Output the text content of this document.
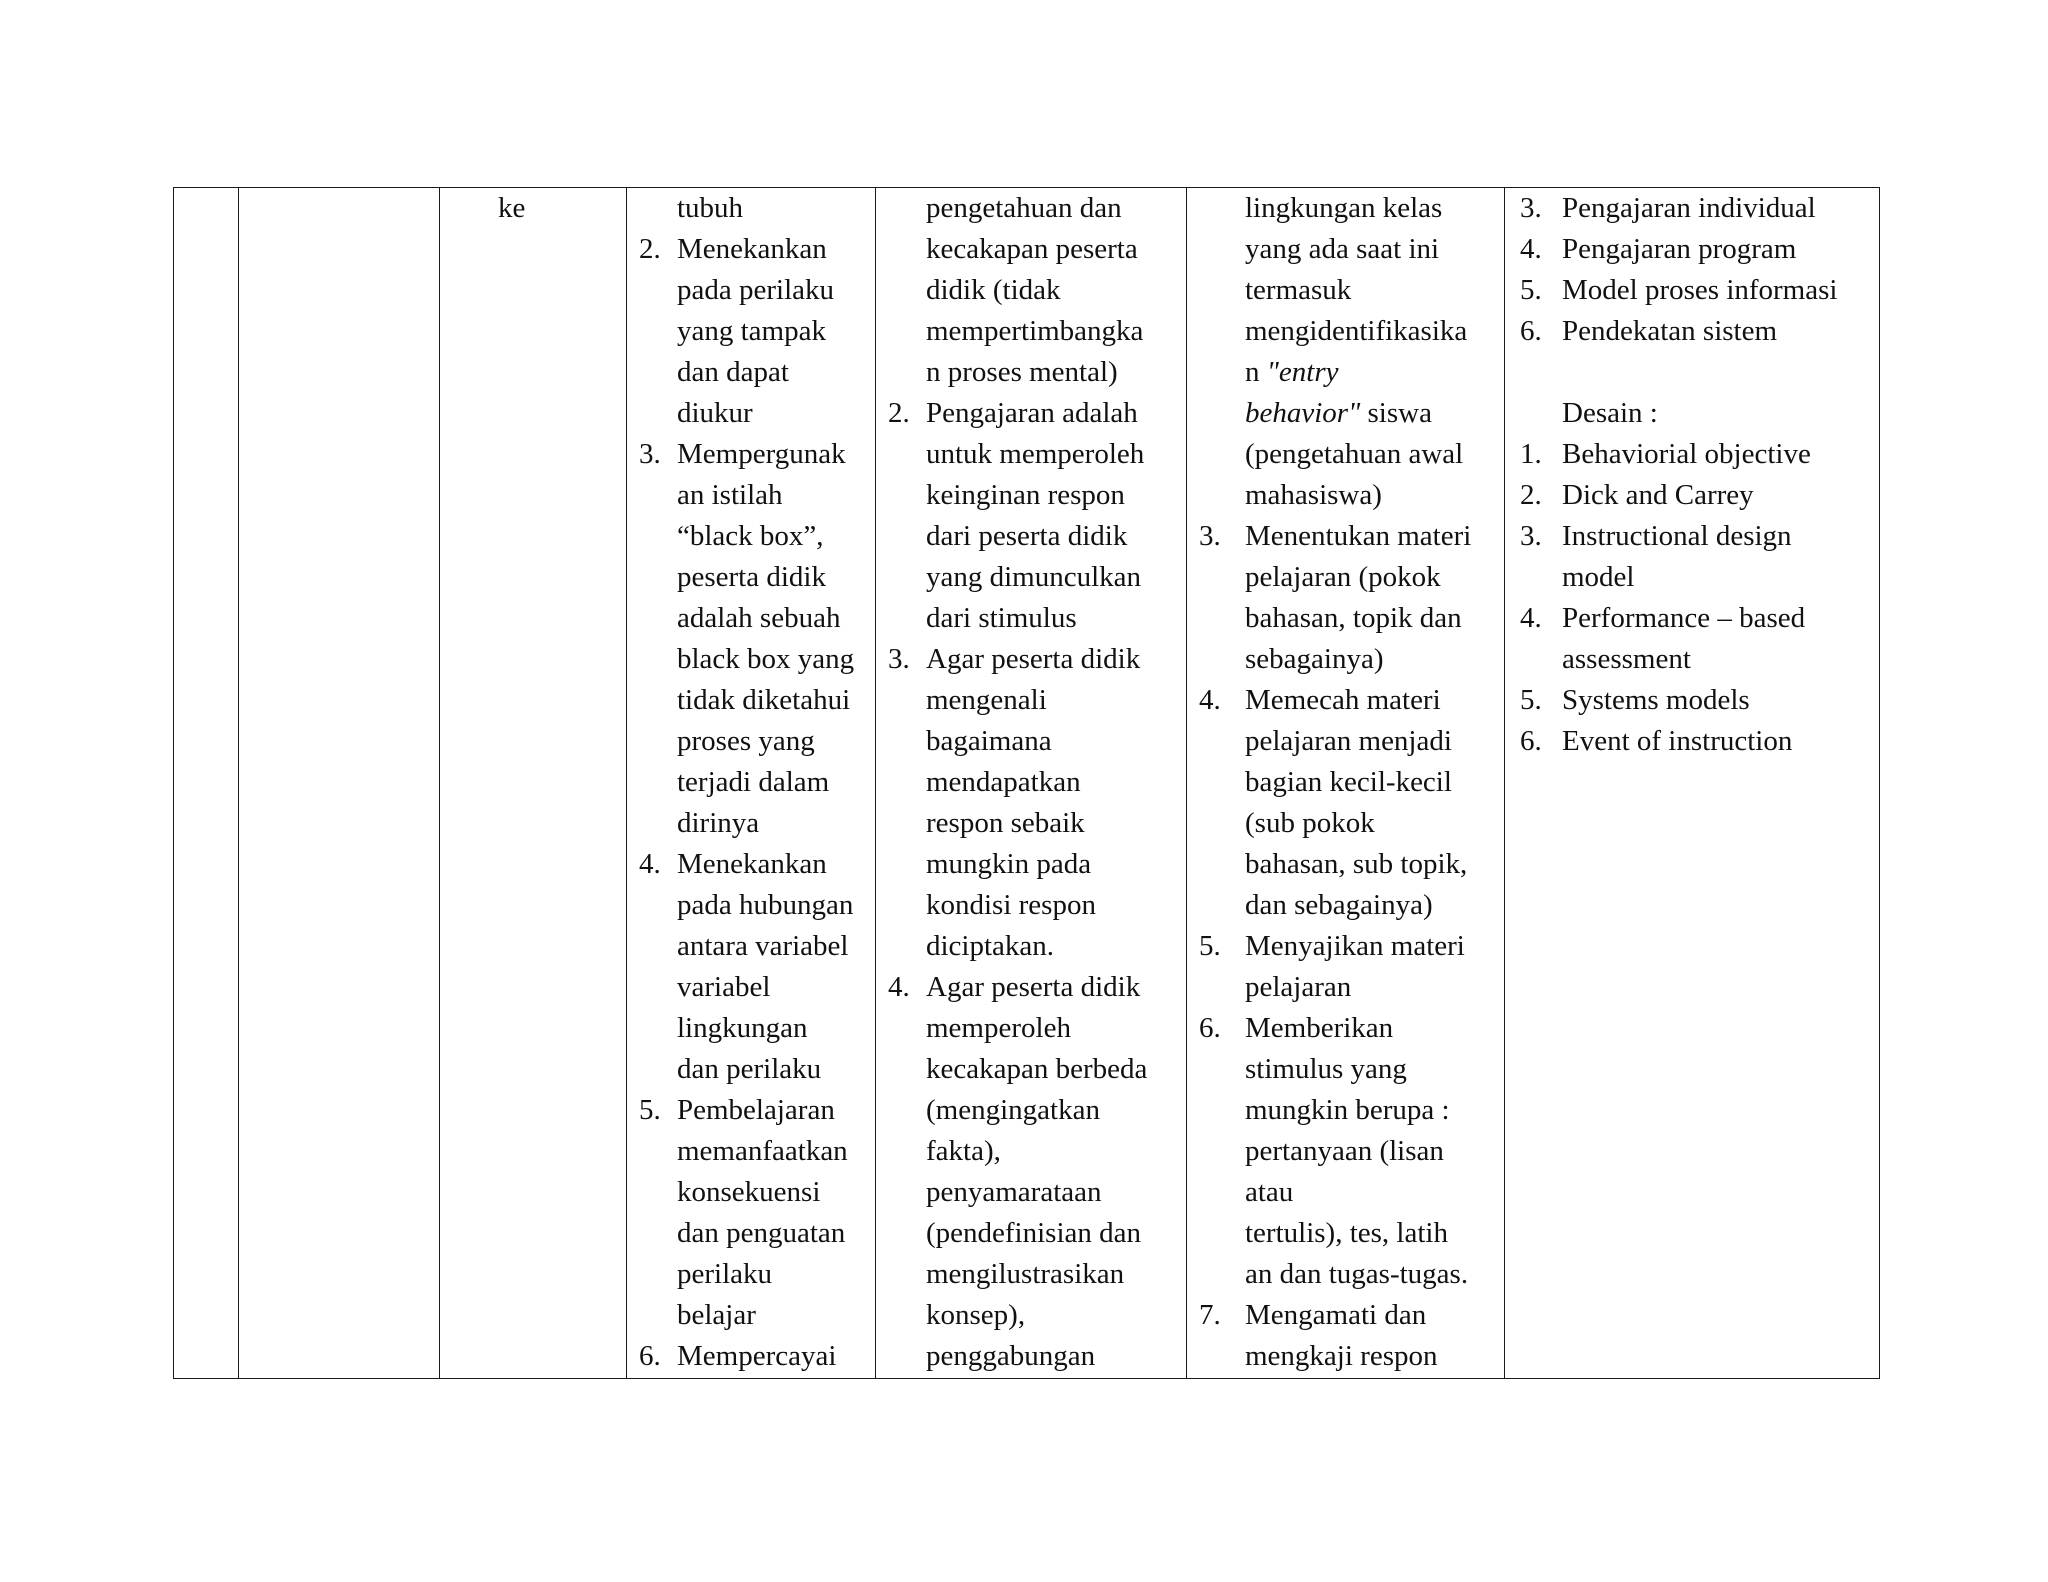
ke	tubuh
2. Menekankan
pada perilaku
yang tampak
dan dapat
diukur
3. Mempergunak
an istilah
“black box”,
peserta didik
adalah sebuah
black box yang
tidak diketahui
proses yang
terjadi dalam
dirinya
4. Menekankan
pada hubungan
antara variabel
variabel
lingkungan
dan perilaku
5. Pembelajaran
memanfaatkan
konsekuensi
dan penguatan
perilaku
belajar
6. Mempercayai
pengetahuan dan
kecakapan peserta
didik (tidak
mempertimbangka
n proses mental)
2. Pengajaran adalah
untuk memperoleh
keinginan respon
dari peserta didik
yang dimunculkan
dari stimulus
3. Agar peserta didik
mengenali
bagaimana
mendapatkan
respon sebaik
mungkin pada
kondisi respon
diciptakan.
4. Agar peserta didik
memperoleh
kecakapan berbeda
(mengingatkan
fakta),
penyamarataan
(pendefinisian dan
mengilustrasikan
konsep),
penggabungan
lingkungan kelas
yang ada saat ini
termasuk
mengidentifikasika
n "entry
behavior" siswa
(pengetahuan awal
mahasiswa)
3. Menentukan materi
pelajaran (pokok
bahasan, topik dan
sebagainya)
4. Memecah materi
pelajaran menjadi
bagian kecil-kecil
(sub pokok
bahasan, sub topik,
dan sebagainya)
5. Menyajikan materi
pelajaran
6. Memberikan
stimulus yang
mungkin berupa :
pertanyaan (lisan
atau
tertulis), tes, latih
an dan tugas-tugas.
7. Mengamati dan
mengkaji respon
3. Pengajaran individual
4. Pengajaran program
5. Model proses informasi
6. Pendekatan sistem
Desain :
1. Behaviorial objective
2. Dick and Carrey
3. Instructional design
model
4. Performance – based
assessment
5. Systems models
6. Event of instruction
